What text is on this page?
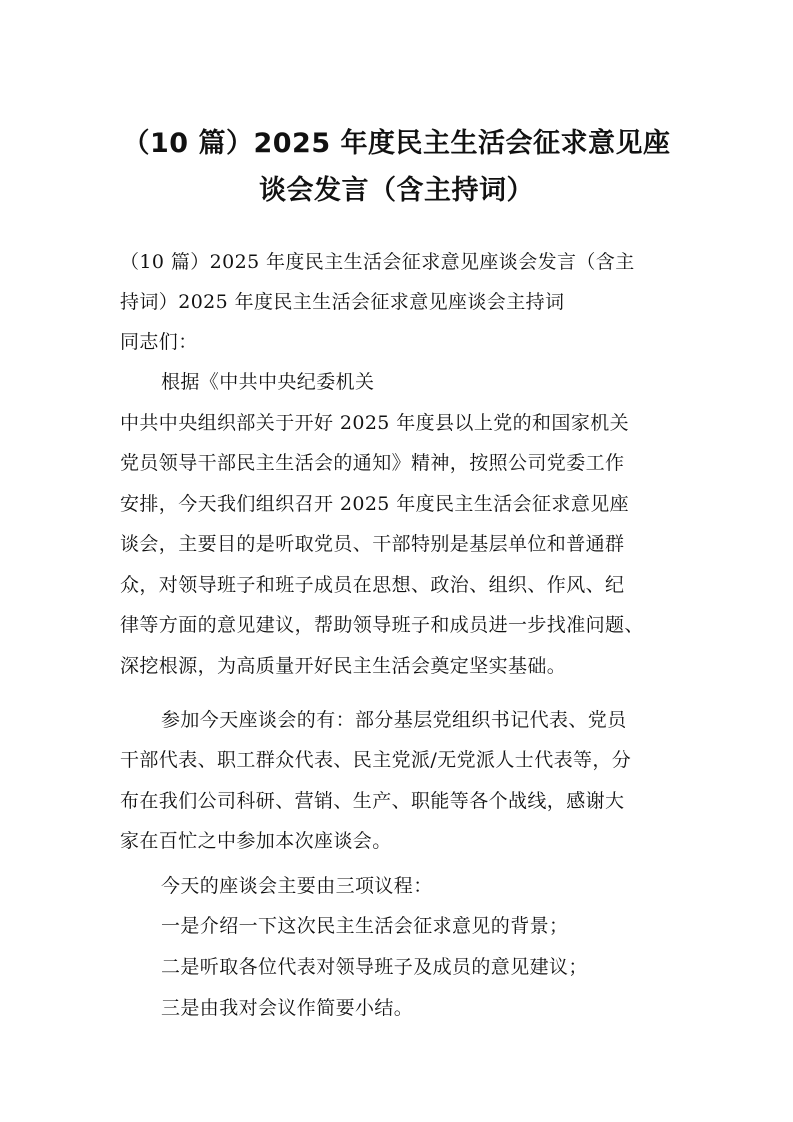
（10 篇）2025 年度民主生活会征求意见座
谈会发言（含主持词）
（10 篇）2025 年度民主生活会征求意见座谈会发言（含主
持词）2025 年度民主生活会征求意见座谈会主持词
同志们：
根据《中共中央纪委机关
中共中央组织部关于开好 2025 年度县以上党的和国家机关
党员领导干部民主生活会的通知》精神，按照公司党委工作
安排，今天我们组织召开 2025 年度民主生活会征求意见座
谈会，主要目的是听取党员、干部特别是基层单位和普通群
众，对领导班子和班子成员在思想、政治、组织、作风、纪
律等方面的意见建议，帮助领导班子和成员进一步找准问题、
深挖根源，为高质量开好民主生活会奠定坚实基础。
参加今天座谈会的有：部分基层党组织书记代表、党员
干部代表、职工群众代表、民主党派/无党派人士代表等，分
布在我们公司科研、营销、生产、职能等各个战线，感谢大
家在百忙之中参加本次座谈会。
今天的座谈会主要由三项议程：
一是介绍一下这次民主生活会征求意见的背景；
二是听取各位代表对领导班子及成员的意见建议；
三是由我对会议作简要小结。
